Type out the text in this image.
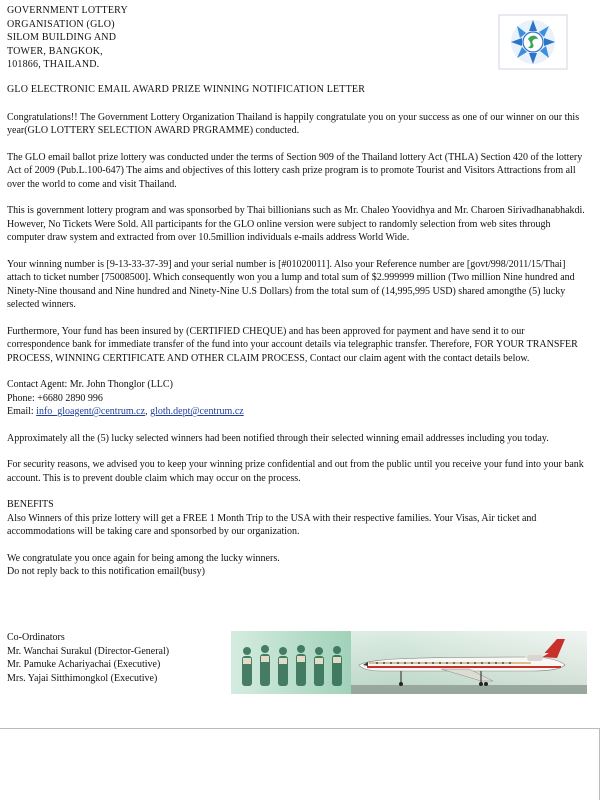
GOVERNMENT LOTTERY
ORGANISATION (GLO)
SILOM BUILDING AND
TOWER, BANGKOK,
101866, THAILAND.

GLO ELECTRONIC EMAIL AWARD PRIZE WINNING NOTIFICATION LETTER

Congratulations!! The Government Lottery Organization Thailand is happily congratulate you on your success as one of our winner on our this year(GLO LOTTERY SELECTION AWARD PRGRAMME) conducted.

The GLO email ballot prize lottery was conducted under the terms of Section 909 of the Thailand lottery Act (THLA) Section 420 of the lottery Act of 2009 (Pub.L.100-647) The aims and objectives of this lottery cash prize program is to promote Tourist and Visitors Attractions from all over the world to come and visit Thailand.

This is government lottery program and was sponsorbed by Thai billionians such as Mr. Chaleo Yoovidhya and Mr. Charoen Sirivadhanabhakdi. However, No Tickets Were Sold. All participants for the GLO online version were subject to randomly selection from web sites through computer draw system and extracted from over 10.5million individuals e-mails address World Wide.

Your winning number is [9-13-33-37-39] and your serial number is [#01020011]. Also your Reference number are [govt/998/2011/15/Thai] attach to ticket number [75008500]. Which consequently won you a lump and total sum of $2.999999 million (Two million Nine hundred and Ninety-Nine thousand and Nine hundred and Ninety-Nine U.S Dollars) from the total sum of (14,995,995 USD) shared amongthe (5) lucky selected winners.

Furthermore, Your fund has been insured by (CERTIFIED CHEQUE) and has been approved for payment and have send it to our correspondence bank for immediate transfer of the fund into your account details via telegraphic transfer. Therefore, FOR YOUR TRANSFER PROCESS, WINNING CERTIFICATE AND OTHER CLAIM PROCESS, Contact our claim agent with the contact details below.

Contact Agent: Mr. John Thonglor (LLC)
Phone: +6680 2890 996
Email: info_gloagent@centrum.cz, gloth.dept@centrum.cz

Approximately all the (5) lucky selected winners had been notified through their selected winning email addresses including you today.

For security reasons, we advised you to keep your winning prize confidential and out from the public until you receive your fund into your bank account. This is to prevent double claim which may occur on the process.

BENEFITS
Also Winners of this prize lottery will get a FREE 1 Month Trip to the USA with their respective families. Your Visas, Air ticket and accommodations will be taking care and sponsorbed by our organization.

We congratulate you once again for being among the lucky winners.
Do not reply back to this notification email(busy)

Co-Ordinators
Mr. Wanchai Surakul (Director-General)
Mr. Pamuke Achariyachai (Executive)
Mrs. Yajai Sitthimongkol (Executive)
